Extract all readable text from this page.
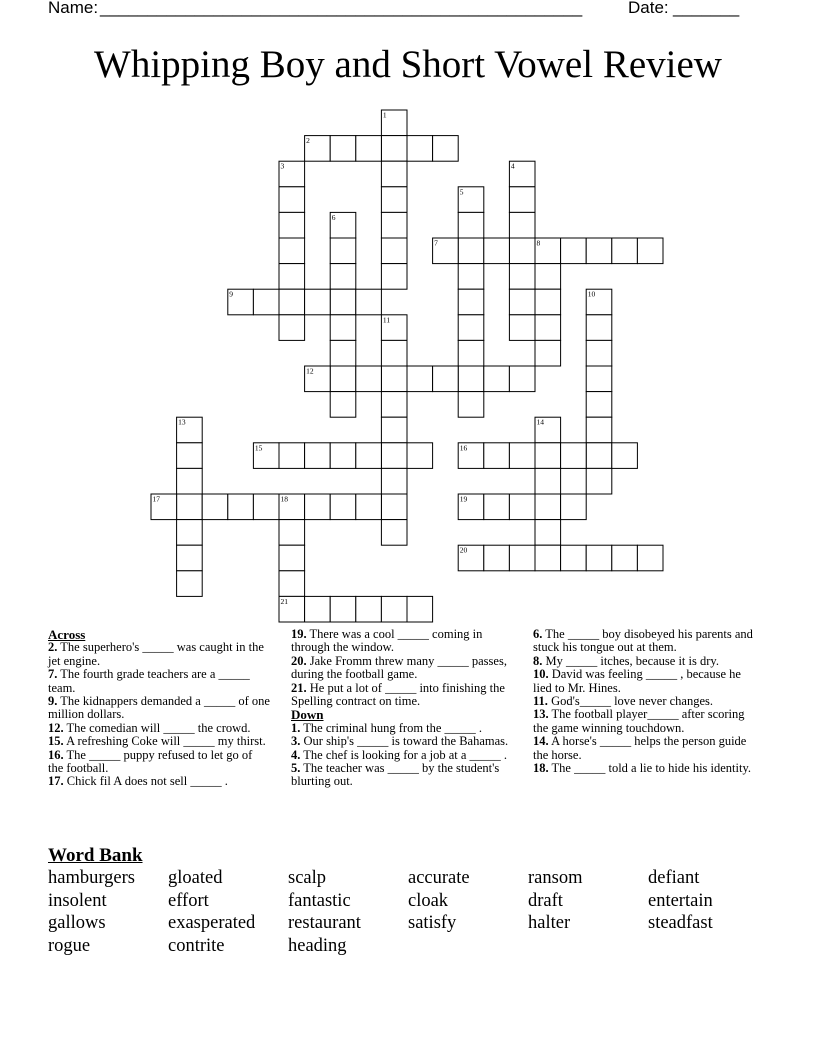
Name: ___________________________________________________	Date: _______
Whipping Boy and Short Vowel Review
1
2
3	4
5
6
7	8
9	10
11
12
13	14
15	16
17	18	19
20
21
Across

2. The superhero's _____ was caught in the jet engine.

7. The fourth grade teachers are a _____ team.

9. The kidnappers demanded a _____ of one million dollars.

12. The comedian will _____ the crowd.

15. A refreshing Coke will _____ my thirst.

16. The _____ puppy refused to let go of the football.

17. Chick fil A does not sell _____ .

19. There was a cool _____ coming in through the window.

20. Jake Fromm threw many _____ passes, during the football game.

21. He put a lot of _____ into finishing the Spelling contract on time.

Down

1. The criminal hung from the _____ .

3. Our ship's _____ is toward the Bahamas.

4. The chef is looking for a job at a _____ .

5. The teacher was _____ by the student's blurting out.

6. The _____ boy disobeyed his parents and stuck his tongue out at them.

8. My _____ itches, because it is dry.

10. David was feeling _____ , because he lied to Mr. Hines.

11. God's_____ love never changes.

13. The football player_____ after scoring the game winning touchdown.

14. A horse's _____ helps the person guide the horse.

18. The _____ told a lie to hide his identity.

Word Bank
hamburgers	gloated	scalp	accurate	ransom	defiant
insolent	effort	fantastic	cloak	draft	entertain
gallows	exasperated	restaurant	satisfy	halter	steadfast
rogue	contrite	heading
